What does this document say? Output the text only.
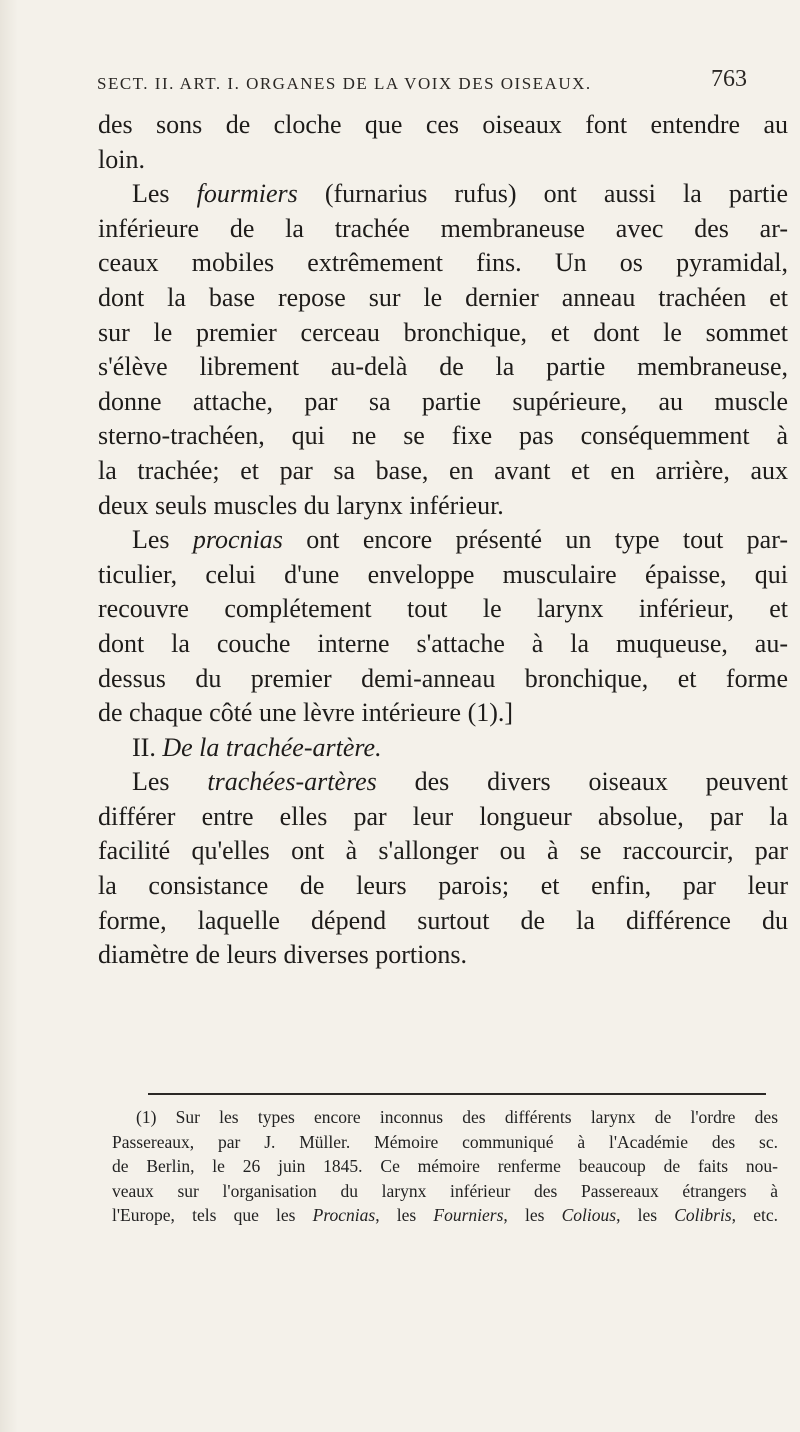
SECT. II. ART. I. ORGANES DE LA VOIX DES OISEAUX.	763
des sons de cloche que ces oiseaux font entendre au
loin.
Les fourmiers (furnarius rufus) ont aussi la partie
inférieure de la trachée membraneuse avec des ar-
ceaux mobiles extrêmement fins. Un os pyramidal,
dont la base repose sur le dernier anneau trachéen et
sur le premier cerceau bronchique, et dont le sommet
s'élève librement au-delà de la partie membraneuse,
donne attache, par sa partie supérieure, au muscle
sterno-trachéen, qui ne se fixe pas conséquemment à
la trachée; et par sa base, en avant et en arrière, aux
deux seuls muscles du larynx inférieur.
Les procnias ont encore présenté un type tout par-
ticulier, celui d'une enveloppe musculaire épaisse, qui
recouvre complétement tout le larynx inférieur, et
dont la couche interne s'attache à la muqueuse, au-
dessus du premier demi-anneau bronchique, et forme
de chaque côté une lèvre intérieure (1).]
II. De la trachée-artère.
Les trachées-artères des divers oiseaux peuvent
différer entre elles par leur longueur absolue, par la
facilité qu'elles ont à s'allonger ou à se raccourcir, par
la consistance de leurs parois; et enfin, par leur
forme, laquelle dépend surtout de la différence du
diamètre de leurs diverses portions.
(1) Sur les types encore inconnus des différents larynx de l'ordre des
Passereaux, par J. Müller. Mémoire communiqué à l'Académie des sc.
de Berlin, le 26 juin 1845. Ce mémoire renferme beaucoup de faits nou-
veaux sur l'organisation du larynx inférieur des Passereaux étrangers à
l'Europe, tels que les Procnias, les Fourniers, les Colious, les Colibris, etc.
